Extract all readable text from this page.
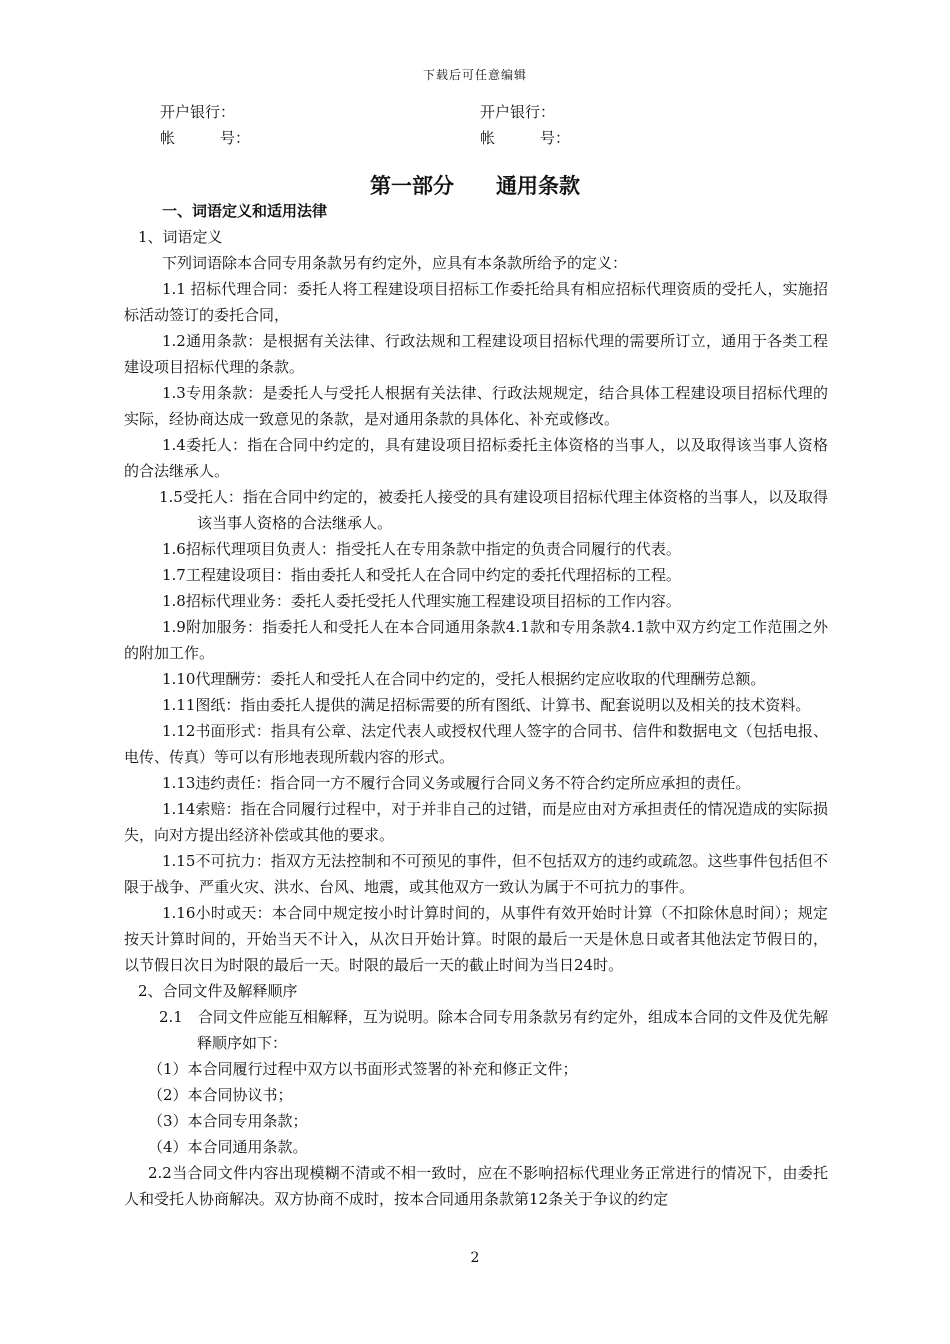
下载后可任意编辑
开户银行：	开户银行：
帐　　　号：	帐　　　号：
第一部分　　通用条款

一、词语定义和适用法律

1、词语定义

下列词语除本合同专用条款另有约定外，应具有本条款所给予的定义：

1.1 招标代理合同：委托人将工程建设项目招标工作委托给具有相应招标代理资质的受托人，实施招标活动签订的委托合同，

1.2通用条款：是根据有关法律、行政法规和工程建设项目招标代理的需要所订立，通用于各类工程建设项目招标代理的条款。

1.3专用条款：是委托人与受托人根据有关法律、行政法规规定，结合具体工程建设项目招标代理的实际，经协商达成一致意见的条款，是对通用条款的具体化、补充或修改。

1.4委托人：指在合同中约定的，具有建设项目招标委托主体资格的当事人，以及取得该当事人资格的合法继承人。

1.5受托人：指在合同中约定的，被委托人接受的具有建设项目招标代理主体资格的当事人，以及取得该当事人资格的合法继承人。

1.6招标代理项目负责人：指受托人在专用条款中指定的负责合同履行的代表。

1.7工程建设项目：指由委托人和受托人在合同中约定的委托代理招标的工程。

1.8招标代理业务：委托人委托受托人代理实施工程建设项目招标的工作内容。

1.9附加服务：指委托人和受托人在本合同通用条款4.1款和专用条款4.1款中双方约定工作范围之外的附加工作。

1.10代理酬劳：委托人和受托人在合同中约定的，受托人根据约定应收取的代理酬劳总额。

1.11图纸：指由委托人提供的满足招标需要的所有图纸、计算书、配套说明以及相关的技术资料。

1.12书面形式：指具有公章、法定代表人或授权代理人签字的合同书、信件和数据电文（包括电报、电传、传真）等可以有形地表现所载内容的形式。

1.13违约责任：指合同一方不履行合同义务或履行合同义务不符合约定所应承担的责任。

1.14索赔：指在合同履行过程中，对于并非自己的过错，而是应由对方承担责任的情况造成的实际损失，向对方提出经济补偿或其他的要求。

1.15不可抗力：指双方无法控制和不可预见的事件，但不包括双方的违约或疏忽。这些事件包括但不限于战争、严重火灾、洪水、台风、地震，或其他双方一致认为属于不可抗力的事件。

1.16小时或天：本合同中规定按小时计算时间的，从事件有效开始时计算（不扣除休息时间）；规定按天计算时间的，开始当天不计入，从次日开始计算。时限的最后一天是休息日或者其他法定节假日的，以节假日次日为时限的最后一天。时限的最后一天的截止时间为当日24时。

2、合同文件及解释顺序

2.1　合同文件应能互相解释，互为说明。除本合同专用条款另有约定外，组成本合同的文件及优先解释顺序如下：

（1）本合同履行过程中双方以书面形式签署的补充和修正文件；

（2）本合同协议书；

（3）本合同专用条款；

（4）本合同通用条款。

2.2当合同文件内容出现模糊不清或不相一致时，应在不影响招标代理业务正常进行的情况下，由委托人和受托人协商解决。双方协商不成时，按本合同通用条款第12条关于争议的约定

2
